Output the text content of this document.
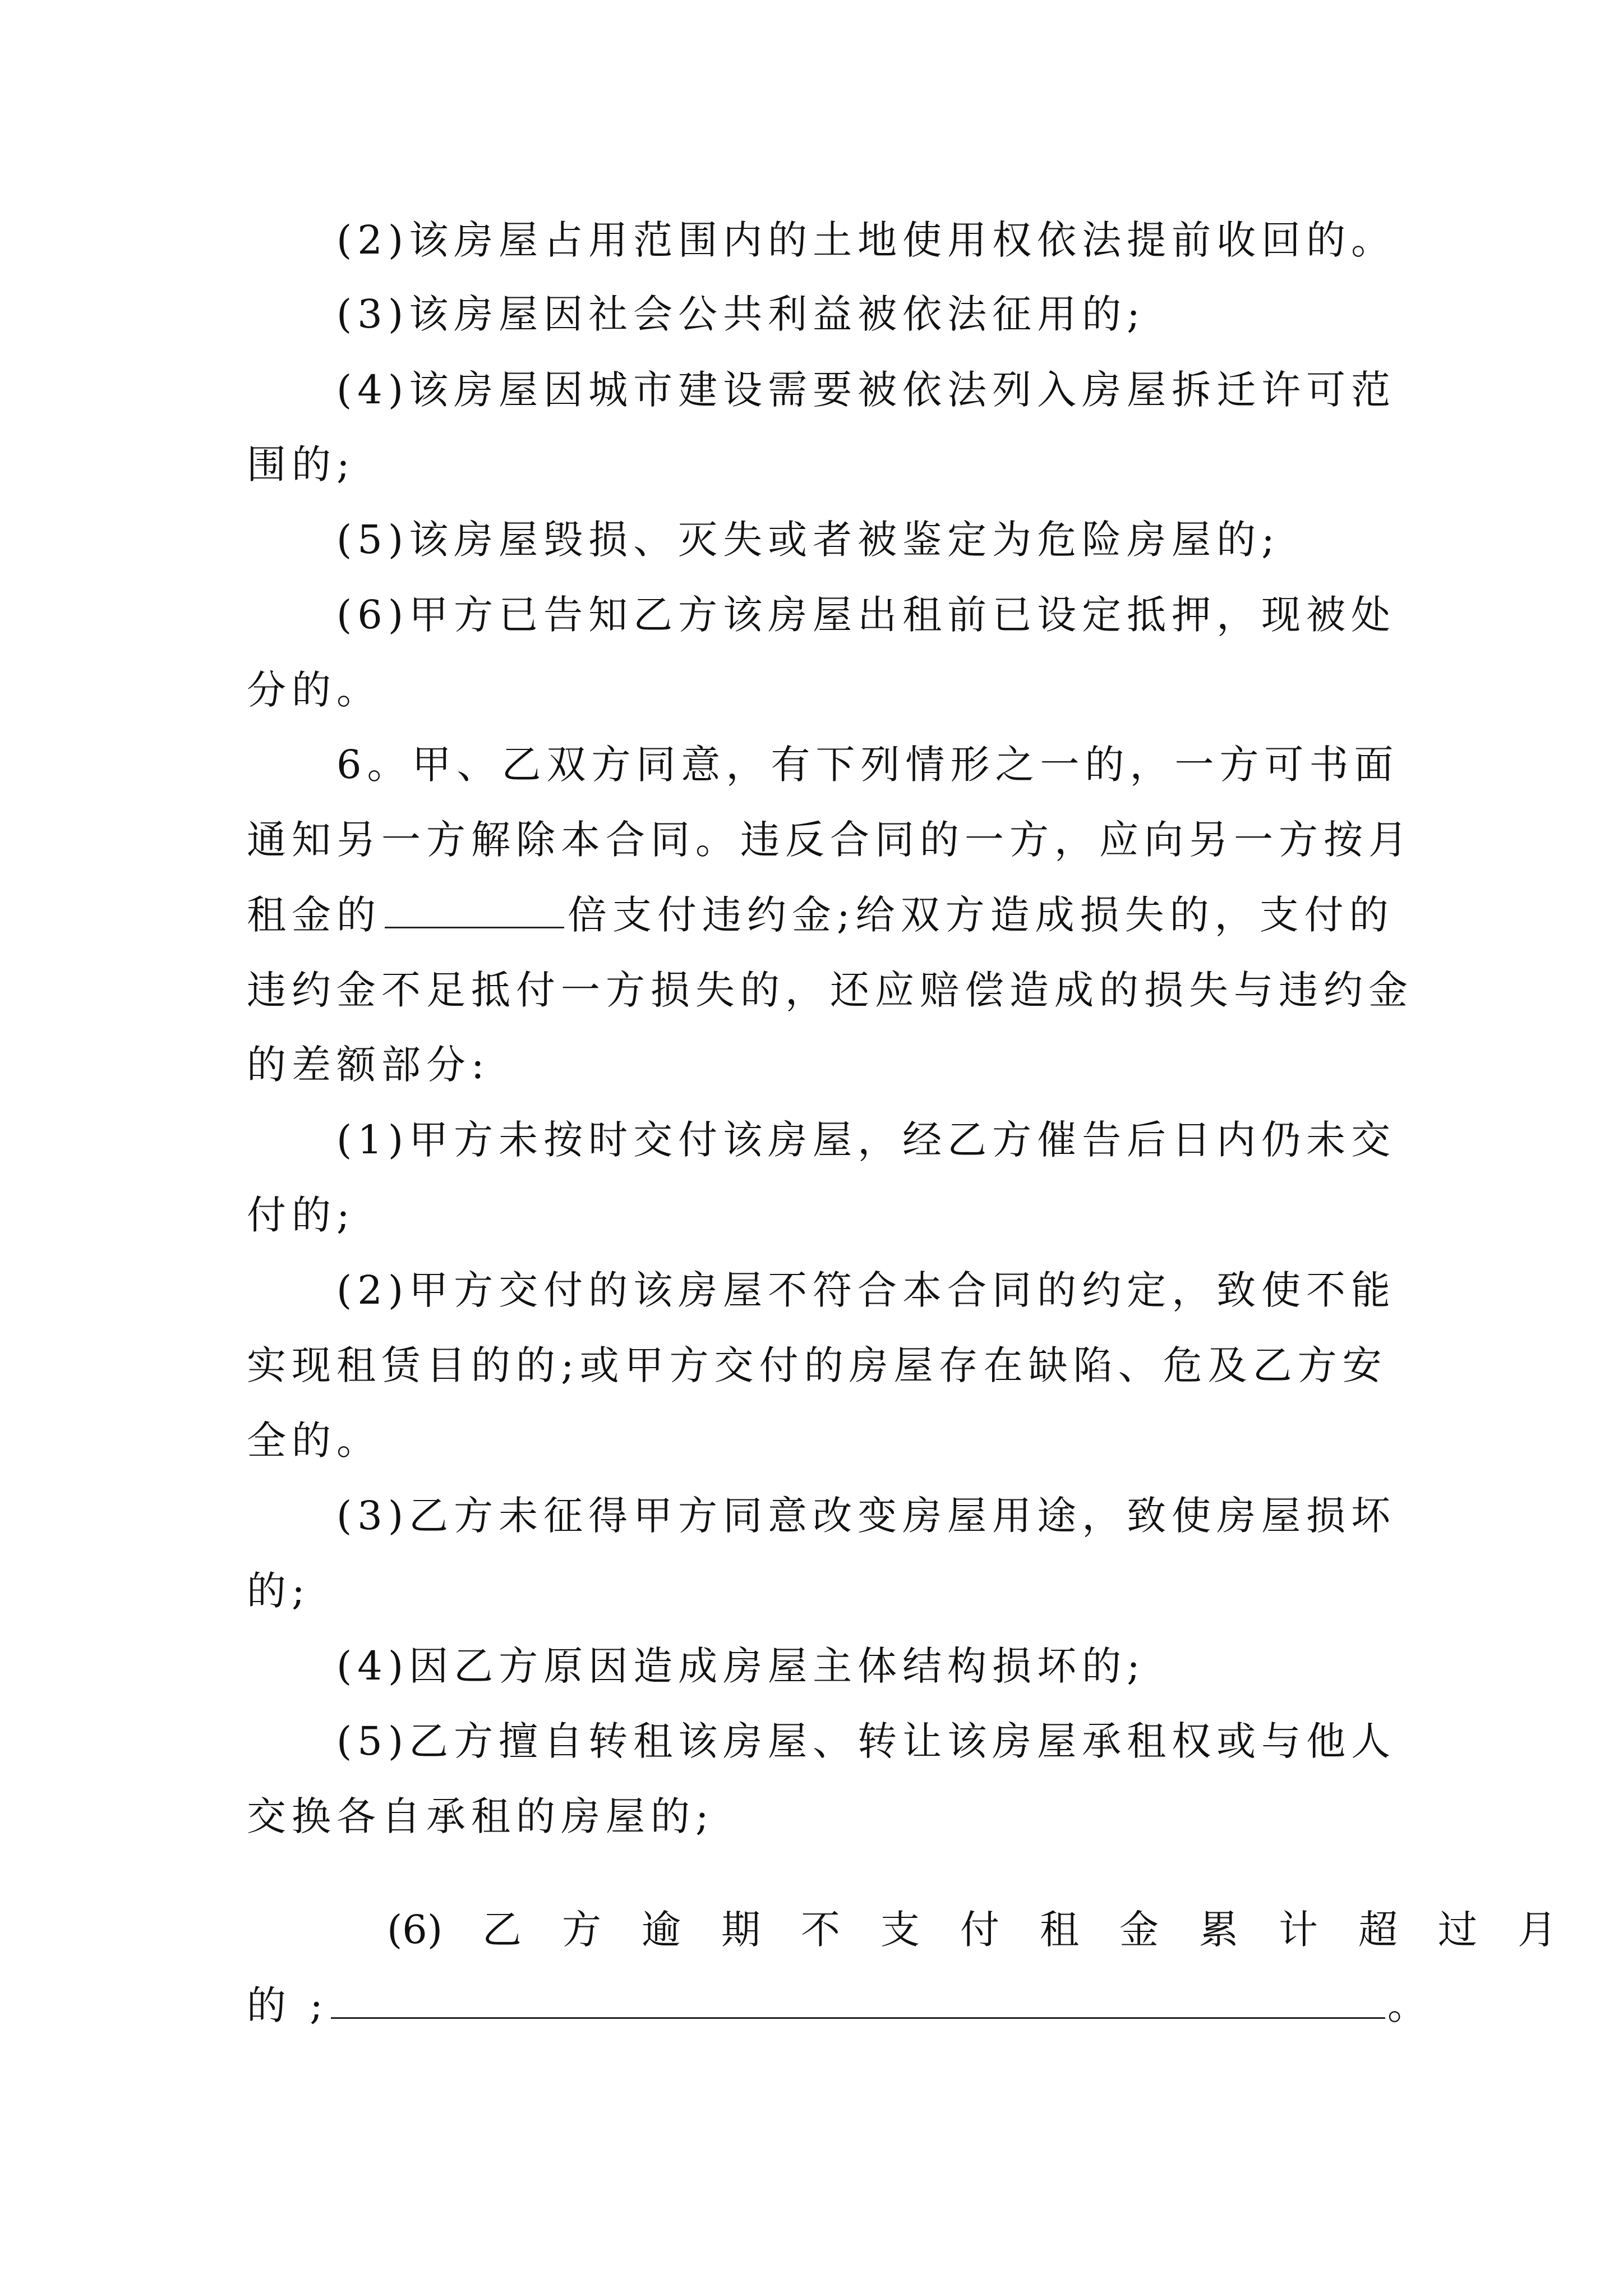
(2)该房屋占用范围内的土地使用权依法提前收回的。
(3)该房屋因社会公共利益被依法征用的;
(4)该房屋因城市建设需要被依法列入房屋拆迁许可范
围的;
(5)该房屋毁损、灭失或者被鉴定为危险房屋的;
(6)甲方已告知乙方该房屋出租前已设定抵押，现被处
分的。
6。甲、乙双方同意，有下列情形之一的，一方可书面
通知另一方解除本合同。违反合同的一方，应向另一方按月
租金的	倍支付违约金;给双方造成损失的，支付的
违约金不足抵付一方损失的，还应赔偿造成的损失与违约金
的差额部分:
(1)甲方未按时交付该房屋，经乙方催告后日内仍未交
付的;
(2)甲方交付的该房屋不符合本合同的约定，致使不能
实现租赁目的的;或甲方交付的房屋存在缺陷、危及乙方安
全的。
(3)乙方未征得甲方同意改变房屋用途，致使房屋损坏
的;
(4)因乙方原因造成房屋主体结构损坏的;
(5)乙方擅自转租该房屋、转让该房屋承租权或与他人
交换各自承租的房屋的;
(6) 乙方逾期不支付租金累计超过月
的 ;	。
